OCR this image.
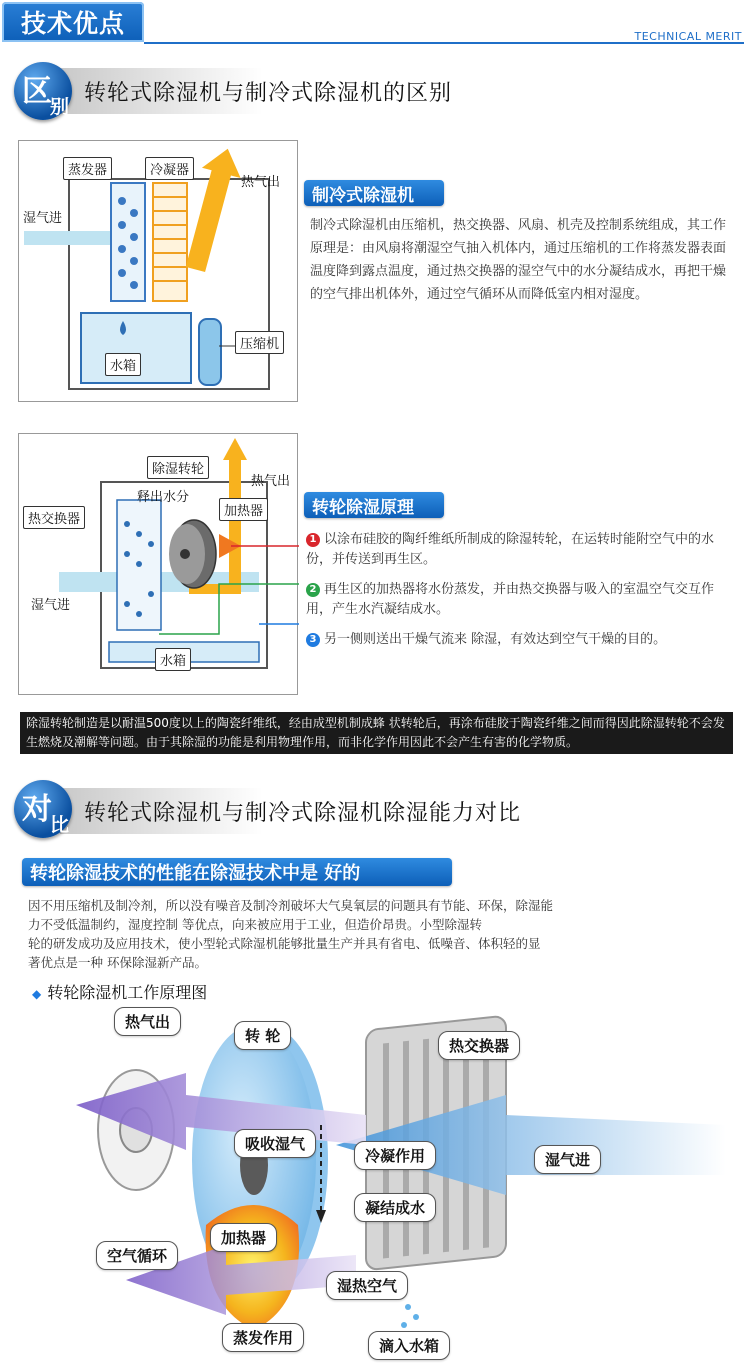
技术优点	TECHNICAL MERIT
区
别
转轮式除湿机与制冷式除湿机的区别
蒸发器	冷凝器
热气出
湿气进
压缩机
水箱
制冷式除湿机
制冷式除湿机由压缩机，热交换器、风扇、机壳及控制系统组成，其工作原理是：由风扇将潮湿空气抽入机体内，通过压缩机的工作将蒸发器表面温度降到露点温度，通过热交换器的湿空气中的水分凝结成水，再把干燥的空气排出机体外，通过空气循环从而降低室内相对湿度。
除湿转轮
热气出
释出水分
加热器
热交换器
湿气进
水箱
转轮除湿原理
1 以涂布硅胶的陶纤维纸所制成的除湿转轮，在运转时能附空气中的水份，并传送到再生区。
2 再生区的加热器将水份蒸发，并由热交换器与吸入的室温空气交互作用，产生水汽凝结成水。
3 另一侧则送出干燥气流来 除湿，有效达到空气干燥的目的。
除湿转轮制造是以耐温500度以上的陶瓷纤维纸，经由成型机制成蜂 状转轮后，再涂布硅胶于陶瓷纤维之间而得因此除湿转轮不会发生燃烧及潮解等问题。由于其除湿的功能是利用物理作用，而非化学作用因此不会产生有害的化学物质。
对
比 转轮式除湿机与制冷式除湿机除湿能力对比
转轮除湿技术的性能在除湿技术中是 好的
因不用压缩机及制冷剂，所以没有噪音及制冷剂破坏大气臭氧层的问题具有节能、环保，除湿能
力不受低温制约，湿度控制 等优点，向来被应用于工业，但造价昂贵。小型除湿转
轮的研发成功及应用技术，使小型轮式除湿机能够批量生产并具有省电、低噪音、体积轻的显
著优点是一种 环保除湿新产品。
◆ 转轮除湿机工作原理图
热气出
转 轮
热交换器
吸收湿气
冷凝作用	湿气进
凝结成水
加热器
空气循环
湿热空气
蒸发作用	滴入水箱
